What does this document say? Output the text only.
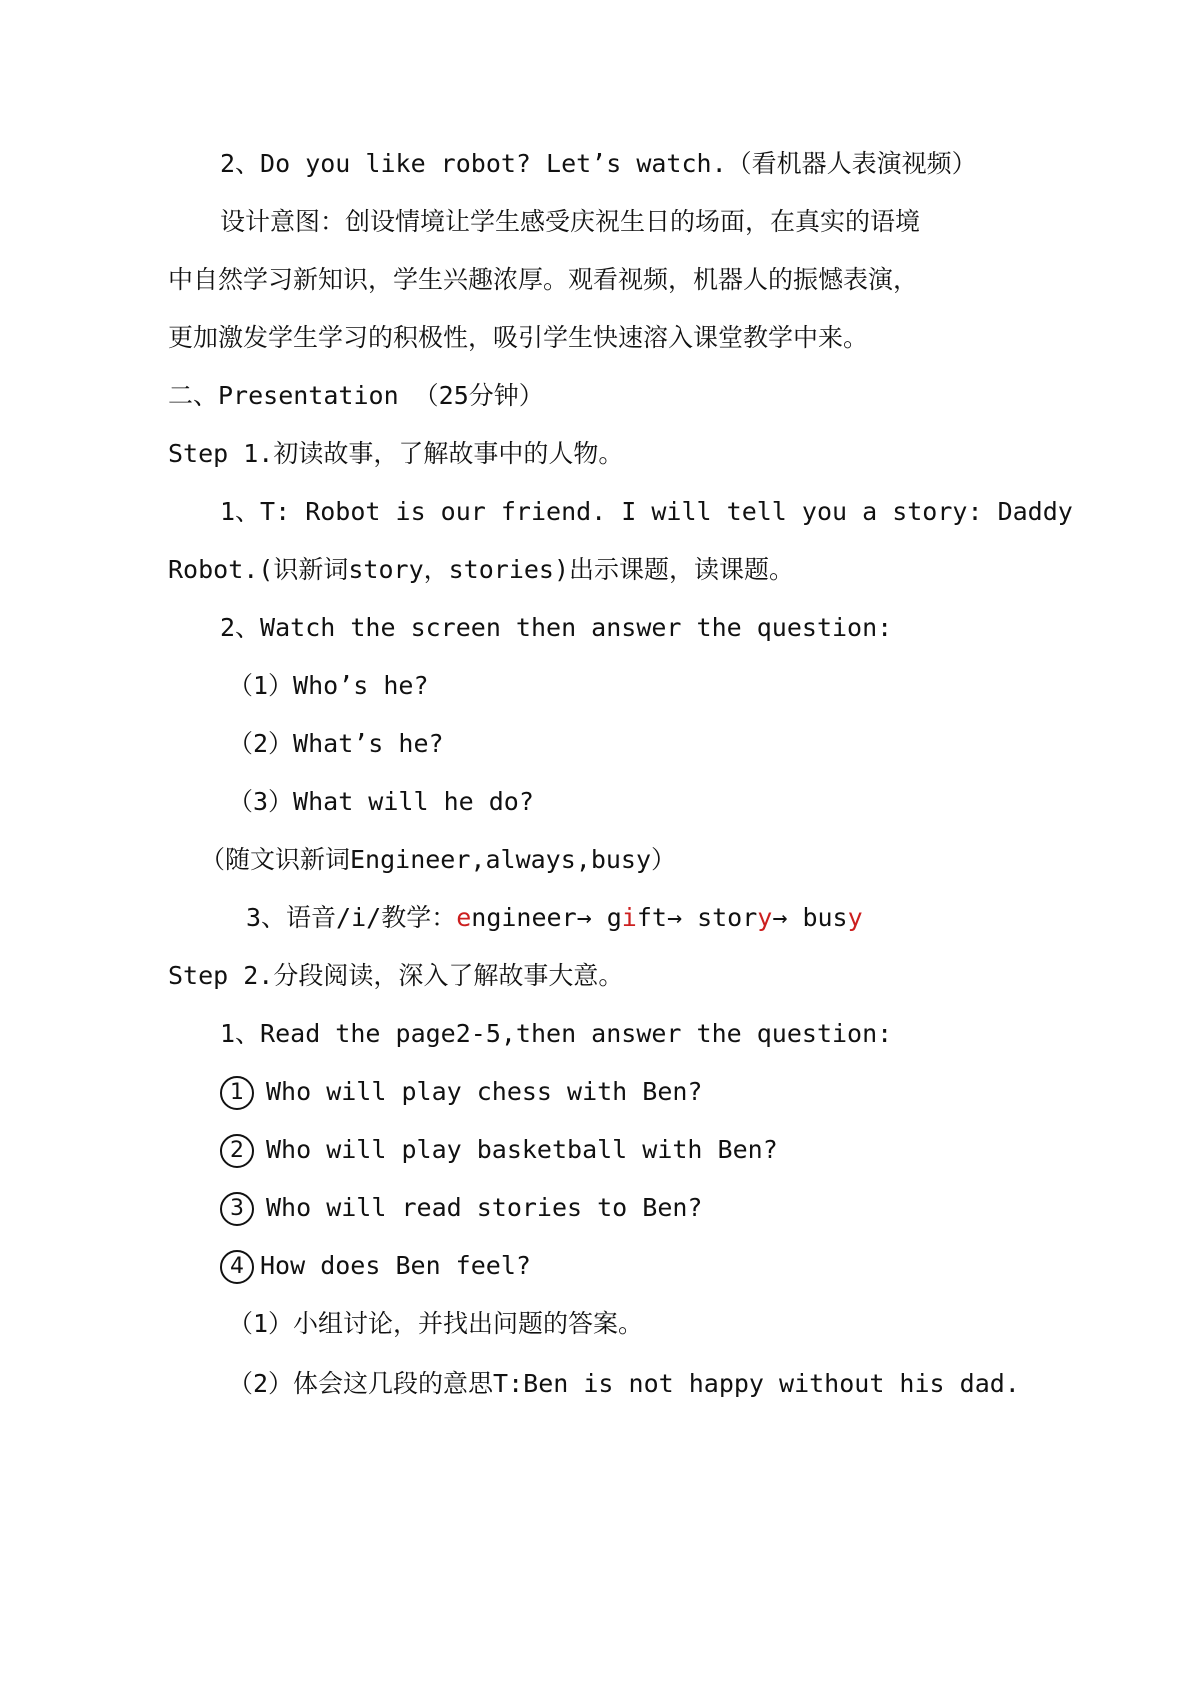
2、Do you like robot? Let’s watch.（看机器人表演视频）
设计意图：创设情境让学生感受庆祝生日的场面，在真实的语境
中自然学习新知识，学生兴趣浓厚。观看视频，机器人的振憾表演，
更加激发学生学习的积极性，吸引学生快速溶入课堂教学中来。
二、Presentation （25分钟）
Step 1.初读故事，了解故事中的人物。
1、T: Robot is our friend. I will tell you a story: Daddy
Robot.(识新词story，stories)出示课题，读课题。
2、Watch the screen then answer the question:
（1）Who’s he?
（2）What’s he?
（3）What will he do?
（随文识新词Engineer,always,busy）
3、语音/i/教学：engineer→ gift→ story→ busy
Step 2.分段阅读，深入了解故事大意。
1、Read the page2-5,then answer the question:
1 Who will play chess with Ben?
2 Who will play basketball with Ben?
3 Who will read stories to Ben?
4 How does Ben feel?
（1）小组讨论，并找出问题的答案。
（2）体会这几段的意思T:Ben is not happy without his dad.
